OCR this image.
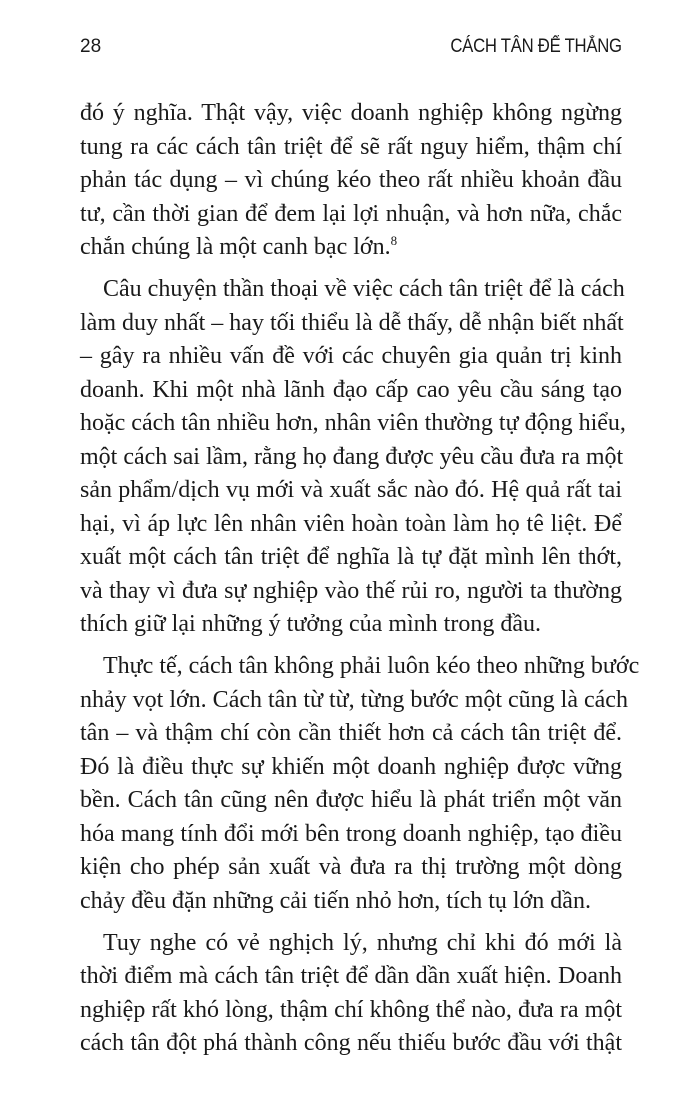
28	CÁCH TÂN ĐỂ THẮNG
đó ý nghĩa. Thật vậy, việc doanh nghiệp không ngừng
tung ra các cách tân triệt để sẽ rất nguy hiểm, thậm chí
phản tác dụng – vì chúng kéo theo rất nhiều khoản đầu
tư, cần thời gian để đem lại lợi nhuận, và hơn nữa, chắc
chắn chúng là một canh bạc lớn.$^8$
Câu chuyện thần thoại về việc cách tân triệt để là cách
làm duy nhất – hay tối thiểu là dễ thấy, dễ nhận biết nhất
– gây ra nhiều vấn đề với các chuyên gia quản trị kinh
doanh. Khi một nhà lãnh đạo cấp cao yêu cầu sáng tạo
hoặc cách tân nhiều hơn, nhân viên thường tự động hiểu,
một cách sai lầm, rằng họ đang được yêu cầu đưa ra một
sản phẩm/dịch vụ mới và xuất sắc nào đó. Hệ quả rất tai
hại, vì áp lực lên nhân viên hoàn toàn làm họ tê liệt. Để
xuất một cách tân triệt để nghĩa là tự đặt mình lên thớt,
và thay vì đưa sự nghiệp vào thế rủi ro, người ta thường
thích giữ lại những ý tưởng của mình trong đầu.
Thực tế, cách tân không phải luôn kéo theo những bước
nhảy vọt lớn. Cách tân từ từ, từng bước một cũng là cách
tân – và thậm chí còn cần thiết hơn cả cách tân triệt để.
Đó là điều thực sự khiến một doanh nghiệp được vững
bền. Cách tân cũng nên được hiểu là phát triển một văn
hóa mang tính đổi mới bên trong doanh nghiệp, tạo điều
kiện cho phép sản xuất và đưa ra thị trường một dòng
chảy đều đặn những cải tiến nhỏ hơn, tích tụ lớn dần.
Tuy nghe có vẻ nghịch lý, nhưng chỉ khi đó mới là
thời điểm mà cách tân triệt để dần dần xuất hiện. Doanh
nghiệp rất khó lòng, thậm chí không thể nào, đưa ra một
cách tân đột phá thành công nếu thiếu bước đầu với thật
